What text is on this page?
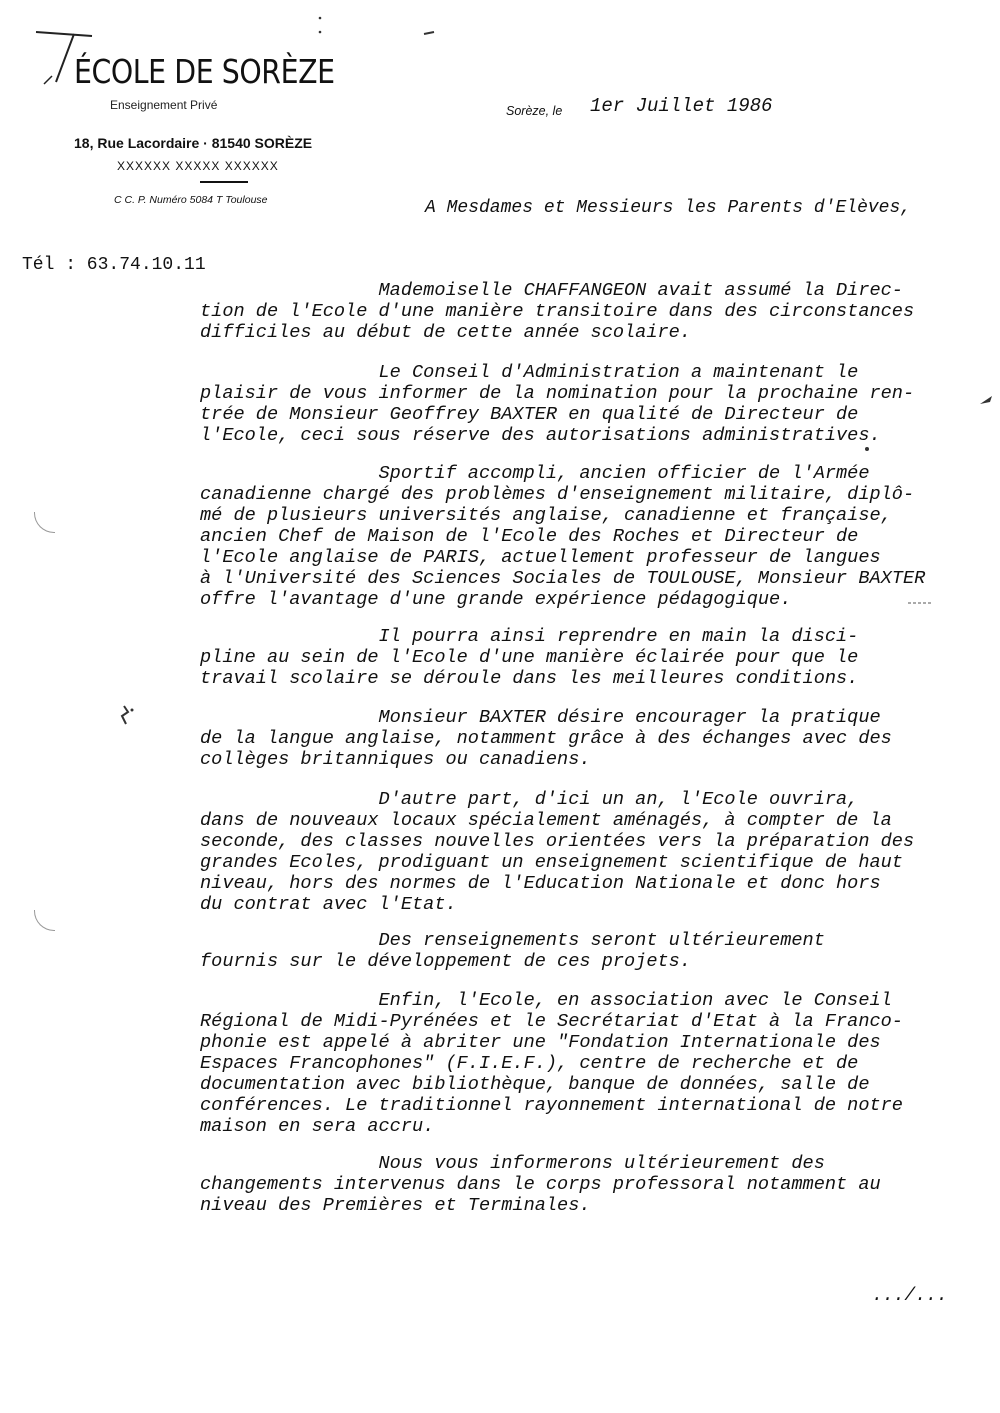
ÉCOLE DE SORÈZE
Enseignement Privé
18, Rue Lacordaire · 81540 SORÈZE
XXXXXX XXXXX XXXXXX
C C. P. Numéro 5084 T Toulouse
Sorèze, le 1er Juillet 1986
A Mesdames et Messieurs les Parents d'Elèves,
Tél : 63.74.10.11
Mademoiselle CHAFFANGEON avait assumé la Direc-
tion de l'Ecole d'une manière transitoire dans des circonstances
difficiles au début de cette année scolaire.
Le Conseil d'Administration a maintenant le
plaisir de vous informer de la nomination pour la prochaine ren-
trée de Monsieur Geoffrey BAXTER en qualité de Directeur de
l'Ecole, ceci sous réserve des autorisations administratives.
Sportif accompli, ancien officier de l'Armée
canadienne chargé des problèmes d'enseignement militaire, diplô-
mé de plusieurs universités anglaise, canadienne et française,
ancien Chef de Maison de l'Ecole des Roches et Directeur de
l'Ecole anglaise de PARIS, actuellement professeur de langues
à l'Université des Sciences Sociales de TOULOUSE, Monsieur BAXTER
offre l'avantage d'une grande expérience pédagogique.
Il pourra ainsi reprendre en main la disci-
pline au sein de l'Ecole d'une manière éclairée pour que le
travail scolaire se déroule dans les meilleures conditions.
Monsieur BAXTER désire encourager la pratique
de la langue anglaise, notamment grâce à des échanges avec des
collèges britanniques ou canadiens.
D'autre part, d'ici un an, l'Ecole ouvrira,
dans de nouveaux locaux spécialement aménagés, à compter de la
seconde, des classes nouvelles orientées vers la préparation des
grandes Ecoles, prodiguant un enseignement scientifique de haut
niveau, hors des normes de l'Education Nationale et donc hors
du contrat avec l'Etat.
Des renseignements seront ultérieurement
fournis sur le développement de ces projets.
Enfin, l'Ecole, en association avec le Conseil
Régional de Midi-Pyrénées et le Secrétariat d'Etat à la Franco-
phonie est appelé à abriter une "Fondation Internationale des
Espaces Francophones" (F.I.E.F.), centre de recherche et de
documentation avec bibliothèque, banque de données, salle de
conférences. Le traditionnel rayonnement international de notre
maison en sera accru.
Nous vous informerons ultérieurement des
changements intervenus dans le corps professoral notamment au
niveau des Premières et Terminales.
.../...
